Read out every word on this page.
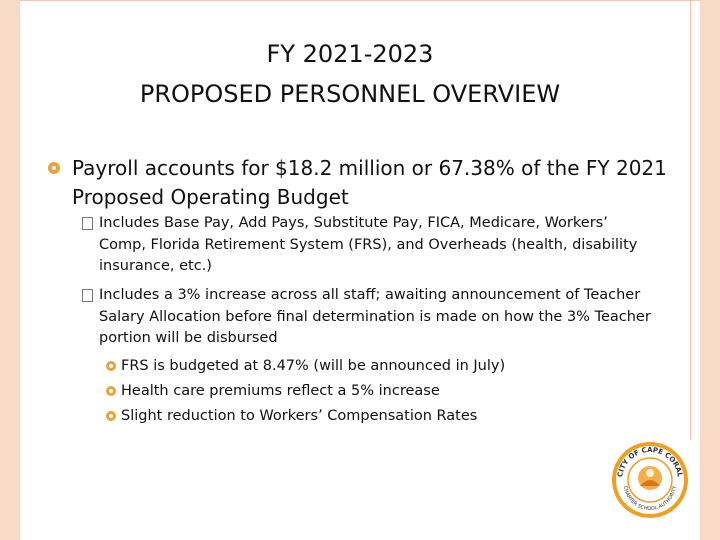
FY 2021-2023
PROPOSED PERSONNEL OVERVIEW
Payroll accounts for $18.2 million or 67.38% of the FY 2021 Proposed Operating Budget
Includes Base Pay, Add Pays, Substitute Pay, FICA, Medicare, Workers’ Comp, Florida Retirement System (FRS), and Overheads (health, disability insurance, etc.)
Includes a 3% increase across all staff; awaiting announcement of Teacher Salary Allocation before final determination is made on how the 3% Teacher portion will be disbursed
FRS is budgeted at 8.47% (will be announced in July)
Health care premiums reflect a 5% increase
Slight reduction to Workers’ Compensation Rates
CITY OF CAPE CORAL
CHARTER SCHOOL AUTHORITY
